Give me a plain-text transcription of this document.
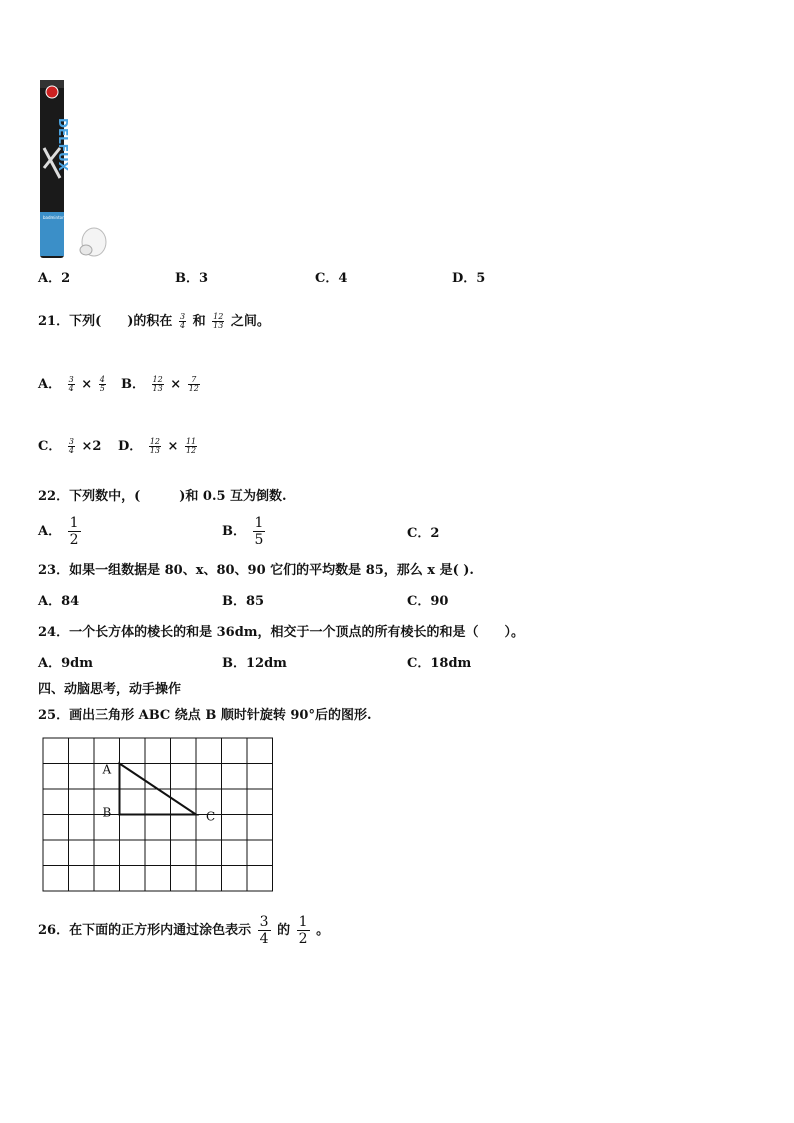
DELFUX
badminton
A．2	B．3	C．4	D．5
21．下列(　　)的积在 $\frac{3}{4}$ 和 $\frac{12}{13}$ 之间。
A． $\frac{3}{4} \times \frac{4}{5}$ B． $\frac{12}{13} \times \frac{7}{12}$
C． $\frac{3}{4} \times 2$ D． $\frac{12}{13} \times \frac{11}{12}$
22．下列数中，(　　　)和 0.5 互为倒数.
A． $\frac{1}{2}$	B． $\frac{1}{5}$	C．2
23．如果一组数据是 80、x、80、90 它们的平均数是 85，那么 x 是( ).
A．84	B．85	C．90
24．一个长方体的棱长的和是 36dm，相交于一个顶点的所有棱长的和是（　　）。
A．9dm	B．12dm	C．18dm
四、动脑思考，动手操作
25．画出三角形 ABC 绕点 B 顺时针旋转 90°后的图形.
A
B	C
26．在下面的正方形内通过涂色表示 $\frac{3}{4}$ 的 $\frac{1}{2}$ 。
